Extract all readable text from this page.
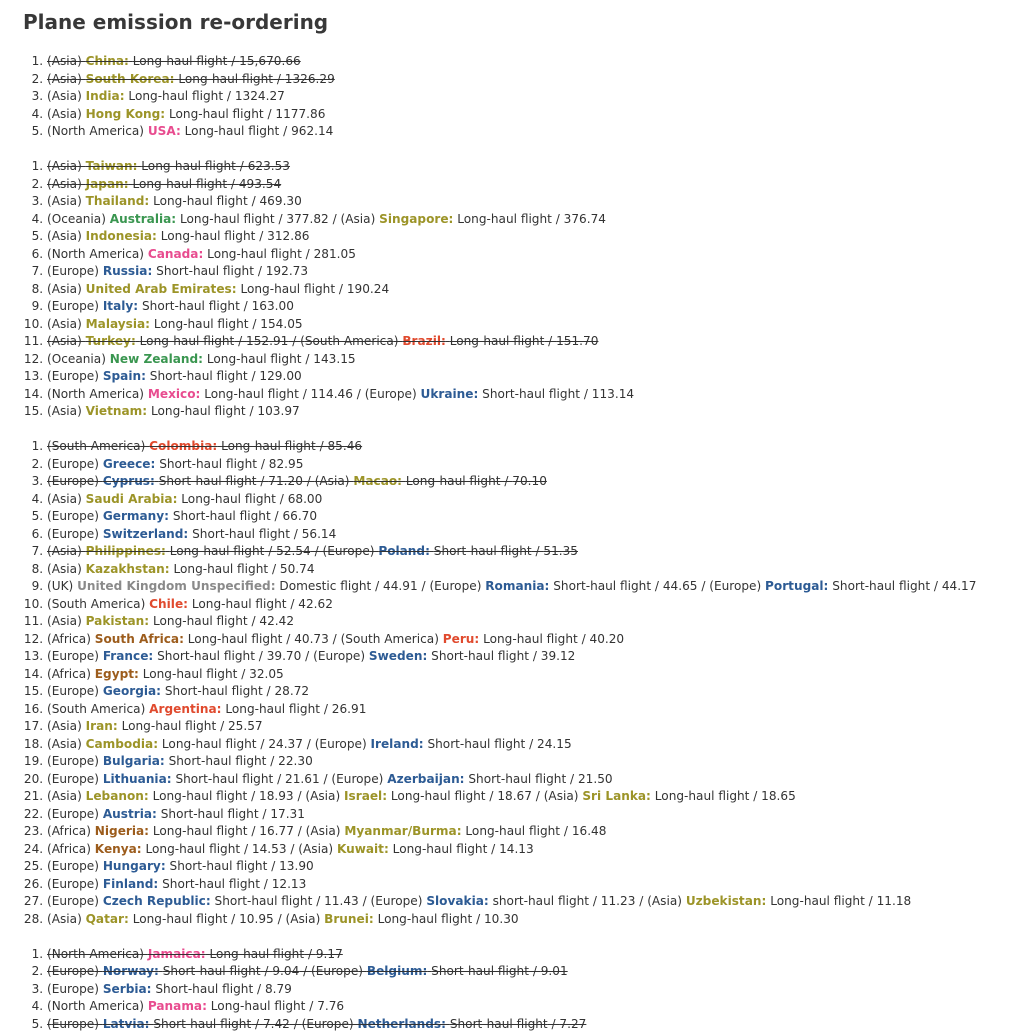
Plane emission re-ordering
1. (Asia) China: Long-haul flight / 15,670.66
2. (Asia) South Korea: Long-haul flight / 1326.29
3. (Asia) India: Long-haul flight / 1324.27
4. (Asia) Hong Kong: Long-haul flight / 1177.86
5. (North America) USA: Long-haul flight / 962.14
1. (Asia) Taiwan: Long-haul flight / 623.53
2. (Asia) Japan: Long-haul flight / 493.54
3. (Asia) Thailand: Long-haul flight / 469.30
4. (Oceania) Australia: Long-haul flight / 377.82 / (Asia) Singapore: Long-haul flight / 376.74
5. (Asia) Indonesia: Long-haul flight / 312.86
6. (North America) Canada: Long-haul flight / 281.05
7. (Europe) Russia: Short-haul flight / 192.73
8. (Asia) United Arab Emirates: Long-haul flight / 190.24
9. (Europe) Italy: Short-haul flight / 163.00
10. (Asia) Malaysia: Long-haul flight / 154.05
11. (Asia) Turkey: Long-haul flight / 152.91 / (South America) Brazil: Long-haul flight / 151.70
12. (Oceania) New Zealand: Long-haul flight / 143.15
13. (Europe) Spain: Short-haul flight / 129.00
14. (North America) Mexico: Long-haul flight / 114.46 / (Europe) Ukraine: Short-haul flight / 113.14
15. (Asia) Vietnam: Long-haul flight / 103.97
1. (South America) Colombia: Long-haul flight / 85.46
2. (Europe) Greece: Short-haul flight / 82.95
3. (Europe) Cyprus: Short-haul flight / 71.20 / (Asia) Macao: Long-haul flight / 70.10
4. (Asia) Saudi Arabia: Long-haul flight / 68.00
5. (Europe) Germany: Short-haul flight / 66.70
6. (Europe) Switzerland: Short-haul flight / 56.14
7. (Asia) Philippines: Long-haul flight / 52.54 / (Europe) Poland: Short-haul flight / 51.35
8. (Asia) Kazakhstan: Long-haul flight / 50.74
9. (UK) United Kingdom Unspecified: Domestic flight / 44.91 / (Europe) Romania: Short-haul flight / 44.65 / (Europe) Portugal: Short-haul flight / 44.17
10. (South America) Chile: Long-haul flight / 42.62
11. (Asia) Pakistan: Long-haul flight / 42.42
12. (Africa) South Africa: Long-haul flight / 40.73 / (South America) Peru: Long-haul flight / 40.20
13. (Europe) France: Short-haul flight / 39.70 / (Europe) Sweden: Short-haul flight / 39.12
14. (Africa) Egypt: Long-haul flight / 32.05
15. (Europe) Georgia: Short-haul flight / 28.72
16. (South America) Argentina: Long-haul flight / 26.91
17. (Asia) Iran: Long-haul flight / 25.57
18. (Asia) Cambodia: Long-haul flight / 24.37 / (Europe) Ireland: Short-haul flight / 24.15
19. (Europe) Bulgaria: Short-haul flight / 22.30
20. (Europe) Lithuania: Short-haul flight / 21.61 / (Europe) Azerbaijan: Short-haul flight / 21.50
21. (Asia) Lebanon: Long-haul flight / 18.93 / (Asia) Israel: Long-haul flight / 18.67 / (Asia) Sri Lanka: Long-haul flight / 18.65
22. (Europe) Austria: Short-haul flight / 17.31
23. (Africa) Nigeria: Long-haul flight / 16.77 / (Asia) Myanmar/Burma: Long-haul flight / 16.48
24. (Africa) Kenya: Long-haul flight / 14.53 / (Asia) Kuwait: Long-haul flight / 14.13
25. (Europe) Hungary: Short-haul flight / 13.90
26. (Europe) Finland: Short-haul flight / 12.13
27. (Europe) Czech Republic: Short-haul flight / 11.43 / (Europe) Slovakia: short-haul flight / 11.23 / (Asia) Uzbekistan: Long-haul flight / 11.18
28. (Asia) Qatar: Long-haul flight / 10.95 / (Asia) Brunei: Long-haul flight / 10.30
1. (North America) Jamaica: Long-haul flight / 9.17
2. (Europe) Norway: Short-haul flight / 9.04 / (Europe) Belgium: Short-haul flight / 9.01
3. (Europe) Serbia: Short-haul flight / 8.79
4. (North America) Panama: Long-haul flight / 7.76
5. (Europe) Latvia: Short-haul flight / 7.42 / (Europe) Netherlands: Short-haul flight / 7.27
